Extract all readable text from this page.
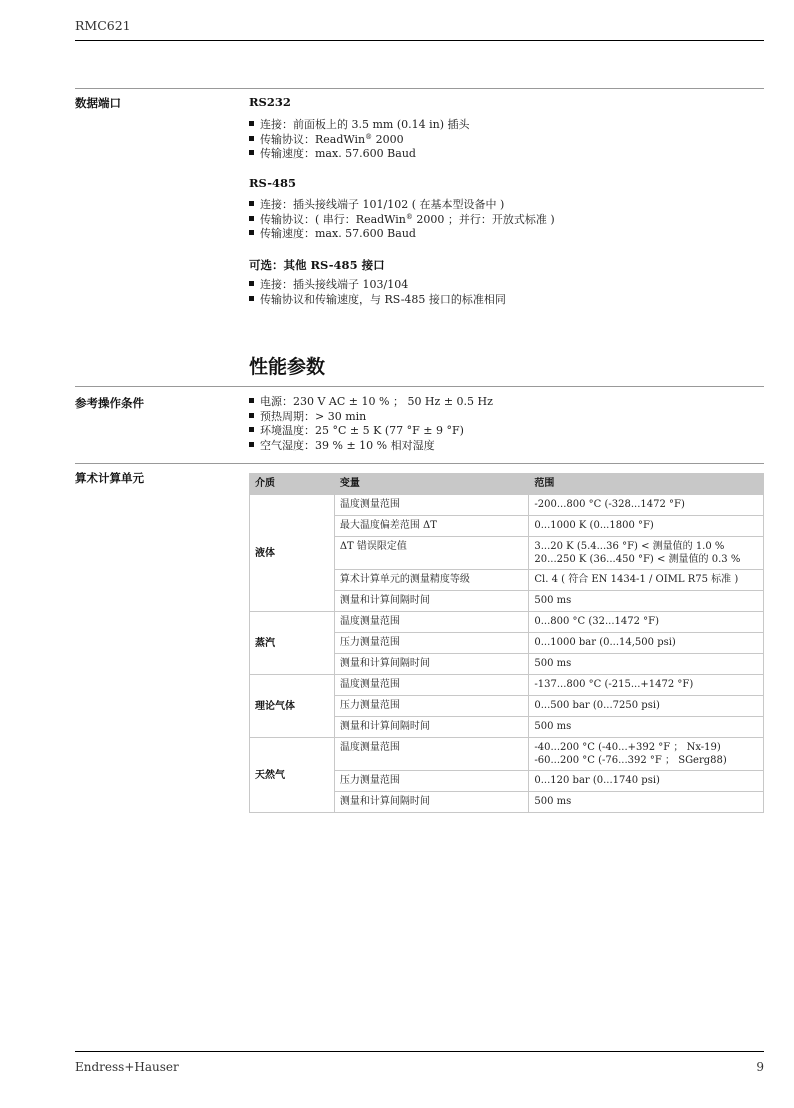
RMC621
数据端口	RS232
连接：前面板上的 3.5 mm (0.14 in) 插头
传输协议：ReadWin® 2000
传输速度：max. 57.600 Baud
RS-485
连接：插头接线端子 101/102 ( 在基本型设备中 )
传输协议：( 串行：ReadWin® 2000 ；并行：开放式标准 )
传输速度：max. 57.600 Baud
可选：其他 RS-485 接口
连接：插头接线端子 103/104
传输协议和传输速度，与 RS-485 接口的标准相同
性能参数
参考操作条件	电源：230 V AC ± 10 % ； 50 Hz ± 0.5 Hz
预热周期：> 30 min
环境温度：25 °C ± 5 K (77 °F ± 9 °F)
空气湿度：39 % ± 10 % 相对湿度
算术计算单元	介质	变量	范围
液体	温度测量范围	-200...800 °C (-328...1472 °F)

	最大温度偏差范围 ΔT	0...1000 K (0...1800 °F)

	ΔT 错误限定值	3...20 K (5.4...36 °F) < 测量值的 1.0 %
20...250 K (36...450 °F) < 测量值的 0.3 %

	算术计算单元的测量精度等级	Cl. 4 ( 符合 EN 1434-1 / OIML R75 标准 )

	测量和计算间隔时间	500 ms

蒸汽	温度测量范围	0...800 °C (32...1472 °F)

	压力测量范围	0...1000 bar (0...14,500 psi)

	测量和计算间隔时间	500 ms

理论气体	温度测量范围	-137...800 °C (-215...+1472 °F)

	压力测量范围	0...500 bar (0...7250 psi)

	测量和计算间隔时间	500 ms

天然气	温度测量范围	-40...200 °C (-40...+392 °F ； Nx-19)
-60...200 °C (-76...392 °F ； SGerg88)

	压力测量范围	0...120 bar (0...1740 psi)

	测量和计算间隔时间	500 ms
Endress+Hauser	9
